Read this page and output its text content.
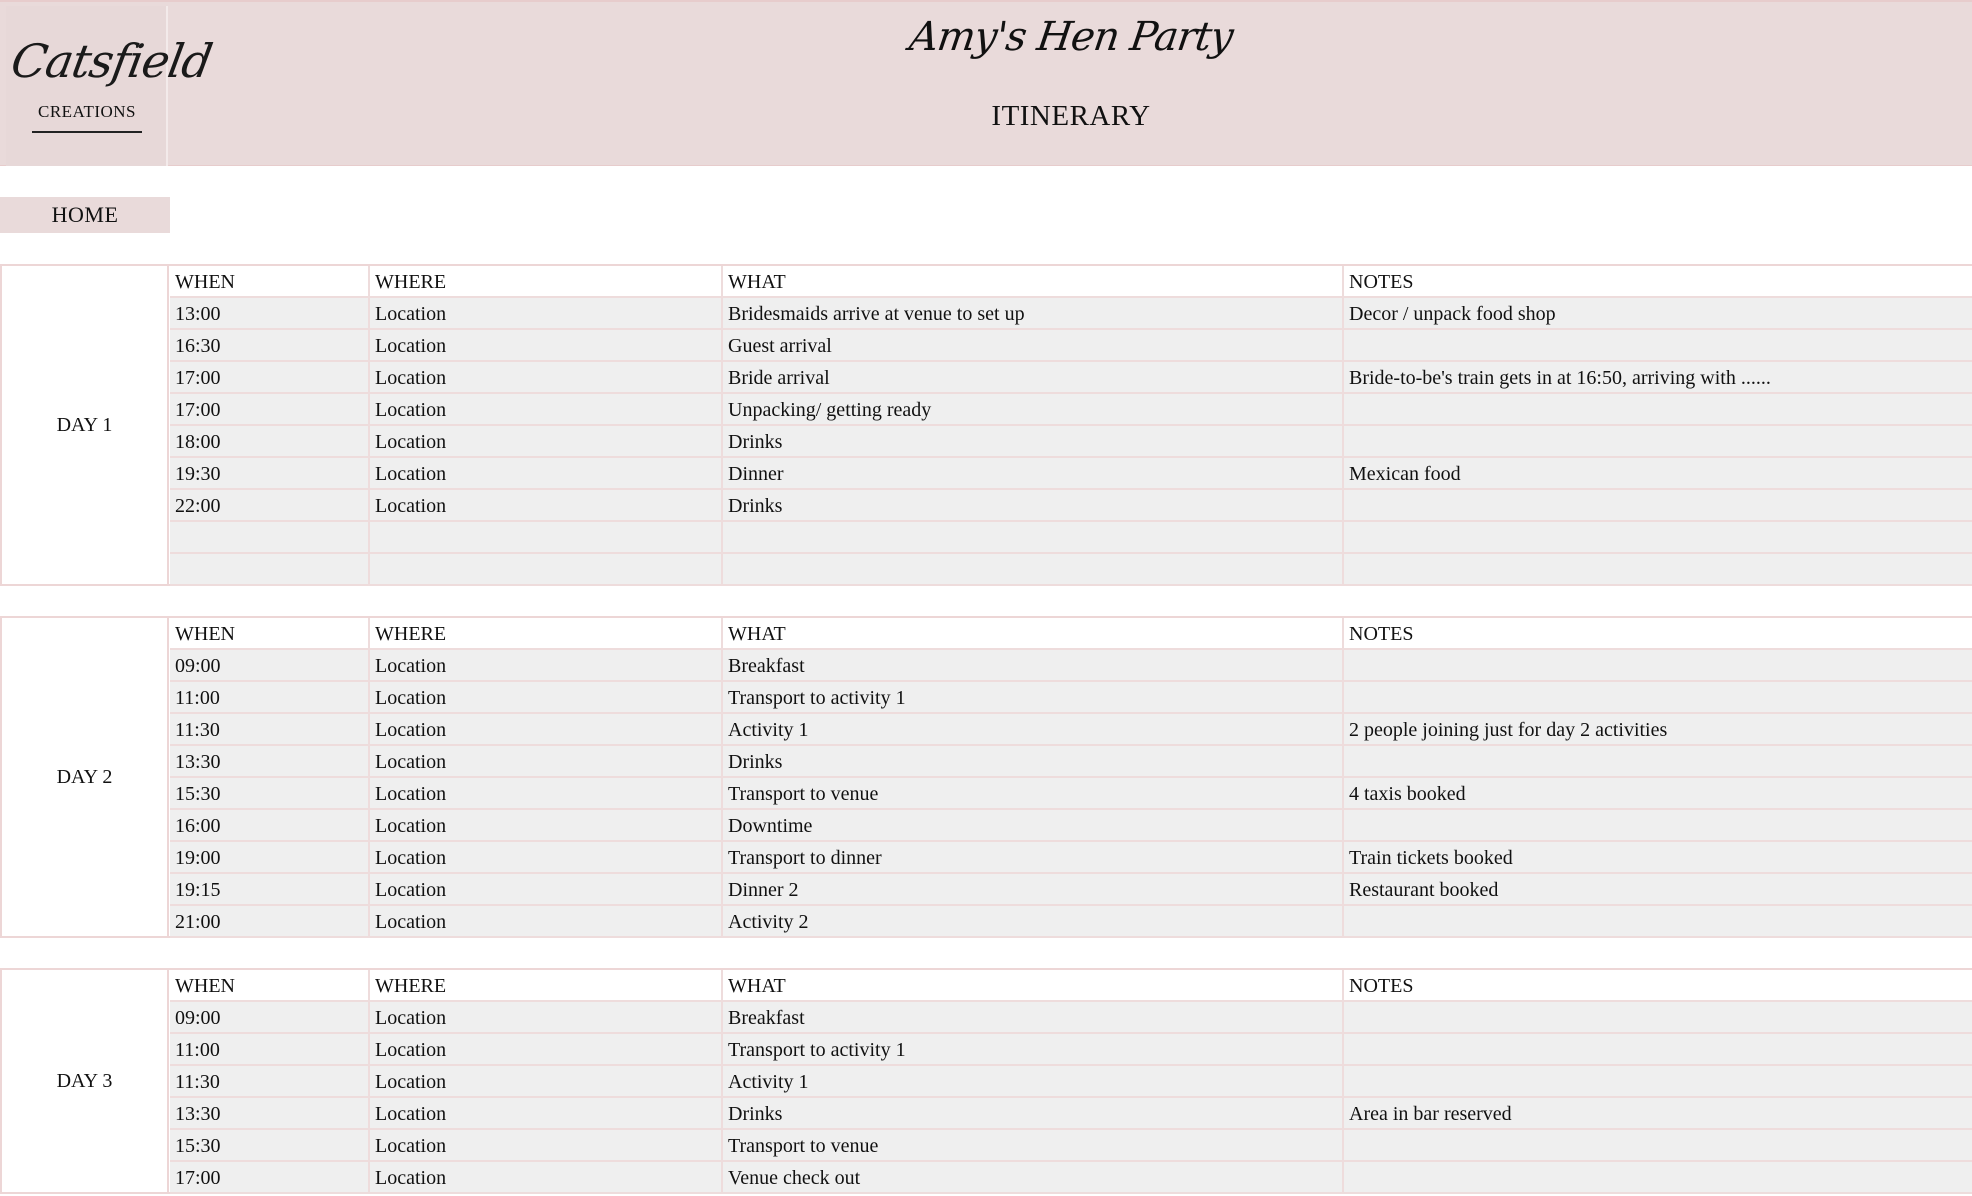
Catsfield
CREATIONS
Amy's Hen Party
ITINERARY
HOME
DAY 1
WHEN	WHERE	WHAT	NOTES
13:00	Location	Bridesmaids arrive at venue to set up	Decor / unpack food shop
16:30	Location	Guest arrival
17:00	Location	Bride arrival	Bride-to-be's train gets in at 16:50, arriving with ......
17:00	Location	Unpacking/ getting ready
18:00	Location	Drinks
19:30	Location	Dinner	Mexican food
22:00	Location	Drinks
DAY 2
WHEN	WHERE	WHAT	NOTES
09:00	Location	Breakfast
11:00	Location	Transport to activity 1
11:30	Location	Activity 1	2 people joining just for day 2 activities
13:30	Location	Drinks
15:30	Location	Transport to venue	4 taxis booked
16:00	Location	Downtime
19:00	Location	Transport to dinner	Train tickets booked
19:15	Location	Dinner 2	Restaurant booked
21:00	Location	Activity 2
DAY 3
WHEN	WHERE	WHAT	NOTES
09:00	Location	Breakfast
11:00	Location	Transport to activity 1
11:30	Location	Activity 1
13:30	Location	Drinks	Area in bar reserved
15:30	Location	Transport to venue
17:00	Location	Venue check out
